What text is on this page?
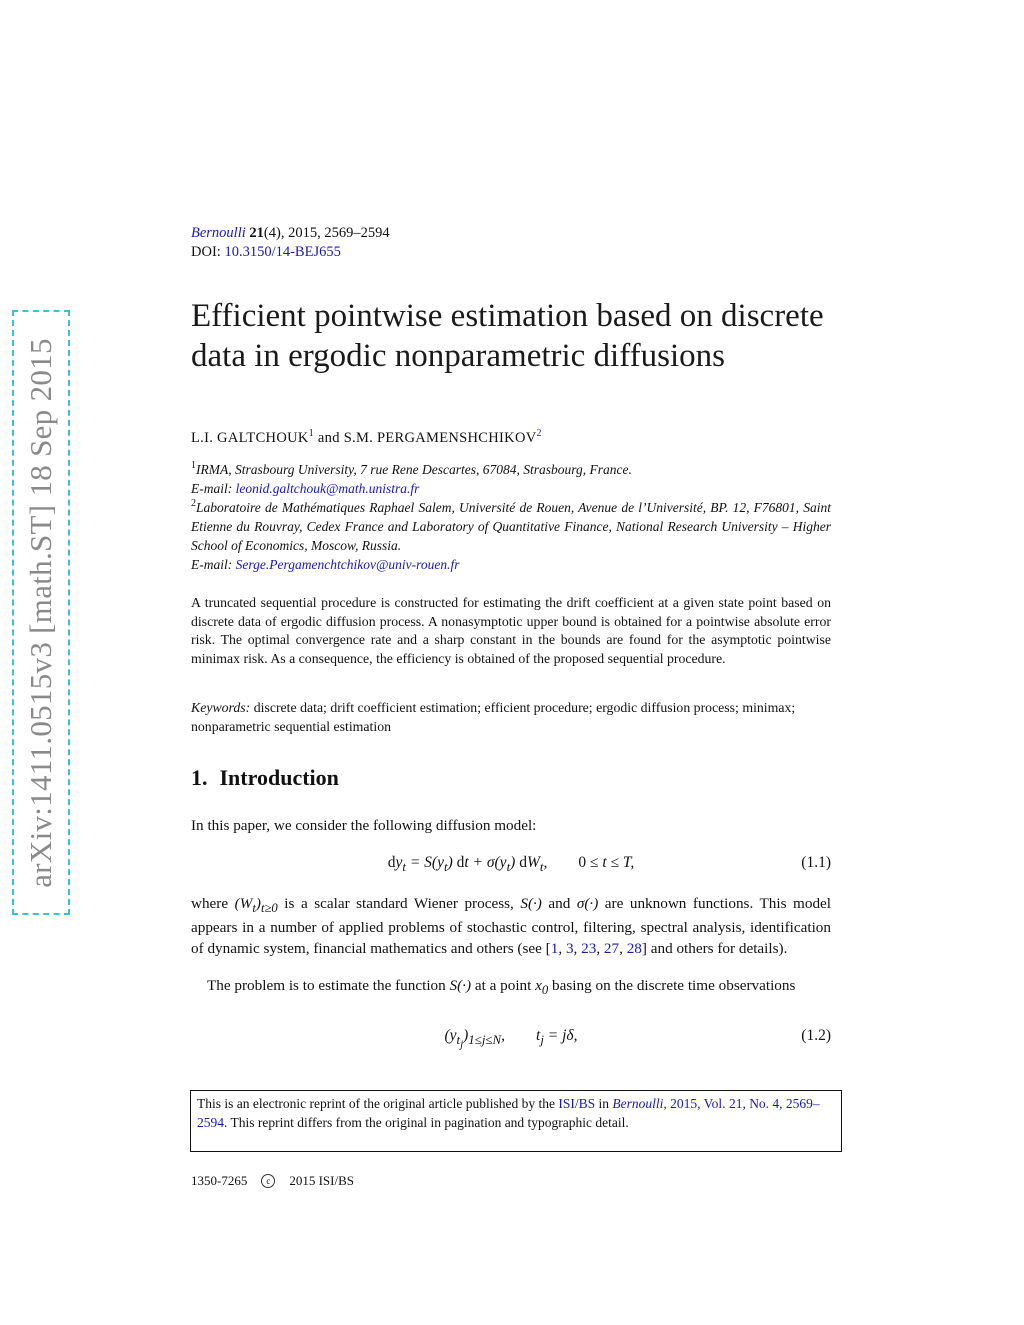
arXiv:1411.0515v3 [math.ST] 18 Sep 2015
Bernoulli 21(4), 2015, 2569–2594
DOI: 10.3150/14-BEJ655
Efficient pointwise estimation based on discrete data in ergodic nonparametric diffusions
L.I. GALTCHOUK$^1$ and S.M. PERGAMENSHCHIKOV$^2$
$^1$IRMA, Strasbourg University, 7 rue Rene Descartes, 67084, Strasbourg, France.
E-mail: leonid.galtchouk@math.unistra.fr
$^2$Laboratoire de Mathématiques Raphael Salem, Université de Rouen, Avenue de l’Université, BP. 12, F76801, Saint Etienne du Rouvray, Cedex France and Laboratory of Quantitative Finance, National Research University – Higher School of Economics, Moscow, Russia.
E-mail: Serge.Pergamenchtchikov@univ-rouen.fr
A truncated sequential procedure is constructed for estimating the drift coefficient at a given state point based on discrete data of ergodic diffusion process. A nonasymptotic upper bound is obtained for a pointwise absolute error risk. The optimal convergence rate and a sharp constant in the bounds are found for the asymptotic pointwise minimax risk. As a consequence, the efficiency is obtained of the proposed sequential procedure.
Keywords: discrete data; drift coefficient estimation; efficient procedure; ergodic diffusion process; minimax; nonparametric sequential estimation
1. Introduction
In this paper, we consider the following diffusion model:
$dy_t = S(y_t)$ dt + $\sigma(y_t)$ $dW_t$,        0 ≤ t ≤ T,	(1.1)
where $(W_t)_{t\ge 0}$ is a scalar standard Wiener process, S(·) and σ(·) are unknown functions. This model appears in a number of applied problems of stochastic control, filtering, spectral analysis, identification of dynamic system, financial mathematics and others (see [1, 3, 23, 27, 28] and others for details).
The problem is to estimate the function S(·) at a point $x_0$ basing on the discrete time observations
$(y_{t_j})_{1\le j\le N}$,        $t_j = j\delta$,	(1.2)
This is an electronic reprint of the original article published by the ISI/BS in Bernoulli, 2015, Vol. 21, No. 4, 2569–2594. This reprint differs from the original in pagination and typographic detail.
1350-7265 c 2015 ISI/BS
